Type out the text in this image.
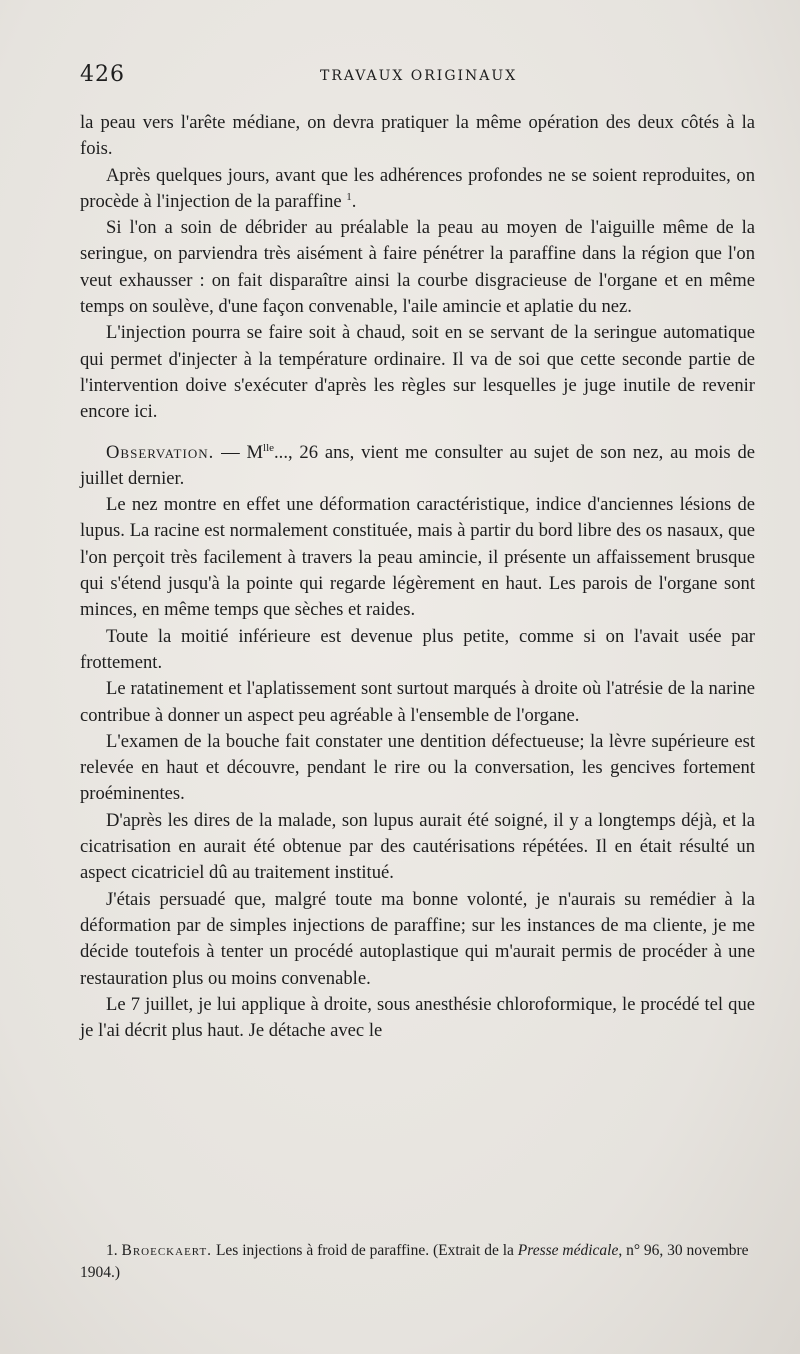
426	TRAVAUX ORIGINAUX

la peau vers l'arête médiane, on devra pratiquer la même opération des deux côtés à la fois.

Après quelques jours, avant que les adhérences profondes ne se soient reproduites, on procède à l'injection de la paraffine $^1$.

Si l'on a soin de débrider au préalable la peau au moyen de l'aiguille même de la seringue, on parviendra très aisément à faire pénétrer la paraffine dans la région que l'on veut exhausser : on fait disparaître ainsi la courbe disgracieuse de l'organe et en même temps on soulève, d'une façon convenable, l'aile amincie et aplatie du nez.

L'injection pourra se faire soit à chaud, soit en se servant de la seringue automatique qui permet d'injecter à la température ordinaire. Il va de soi que cette seconde partie de l'intervention doive s'exécuter d'après les règles sur lesquelles je juge inutile de revenir encore ici.

Observation. — $M^{lle}$..., 26 ans, vient me consulter au sujet de son nez, au mois de juillet dernier.

Le nez montre en effet une déformation caractéristique, indice d'anciennes lésions de lupus. La racine est normalement constituée, mais à partir du bord libre des os nasaux, que l'on perçoit très facilement à travers la peau amincie, il présente un affaissement brusque qui s'étend jusqu'à la pointe qui regarde légèrement en haut. Les parois de l'organe sont minces, en même temps que sèches et raides.

Toute la moitié inférieure est devenue plus petite, comme si on l'avait usée par frottement.

Le ratatinement et l'aplatissement sont surtout marqués à droite où l'atrésie de la narine contribue à donner un aspect peu agréable à l'ensemble de l'organe.

L'examen de la bouche fait constater une dentition défectueuse; la lèvre supérieure est relevée en haut et découvre, pendant le rire ou la conversation, les gencives fortement proéminentes.

D'après les dires de la malade, son lupus aurait été soigné, il y a longtemps déjà, et la cicatrisation en aurait été obtenue par des cautérisations répétées. Il en était résulté un aspect cicatriciel dû au traitement institué.

J'étais persuadé que, malgré toute ma bonne volonté, je n'aurais su remédier à la déformation par de simples injections de paraffine; sur les instances de ma cliente, je me décide toutefois à tenter un procédé autoplastique qui m'aurait permis de procéder à une restauration plus ou moins convenable.

Le 7 juillet, je lui applique à droite, sous anesthésie chloroformique, le procédé tel que je l'ai décrit plus haut. Je détache avec le

1. Broeckaert. Les injections à froid de paraffine. (Extrait de la Presse médicale, n° 96, 30 novembre 1904.)
